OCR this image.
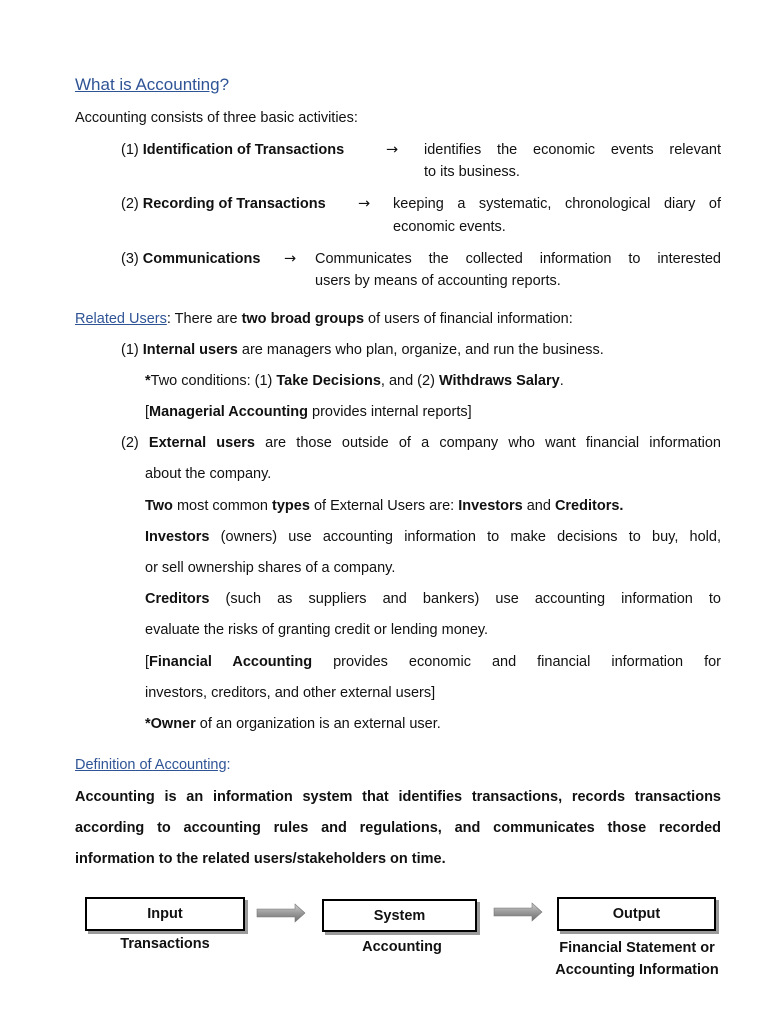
What is Accounting?
Accounting consists of three basic activities:
(1) Identification of Transactions	→ identifies the economic events relevant
to its business.
(2) Recording of Transactions → keeping a systematic, chronological diary of
economic events.
(3) Communications → Communicates the collected information to interested
users by means of accounting reports.
Related Users: There are two broad groups of users of financial information:
(1) Internal users are managers who plan, organize, and run the business.
*Two conditions: (1) Take Decisions, and (2) Withdraws Salary.
[Managerial Accounting provides internal reports]
(2) External users are those outside of a company who want financial information
about the company.
Two most common types of External Users are: Investors and Creditors.
Investors (owners) use accounting information to make decisions to buy, hold,
or sell ownership shares of a company.
Creditors (such as suppliers and bankers) use accounting information to
evaluate the risks of granting credit or lending money.
[Financial Accounting provides economic and financial information for
investors, creditors, and other external users]
*Owner of an organization is an external user.
Definition of Accounting:
Accounting is an information system that identifies transactions, records transactions
according to accounting rules and regulations, and communicates those recorded
information to the related users/stakeholders on time.
Input	System	Output
Transactions	Accounting	Financial Statement or
Accounting Information
